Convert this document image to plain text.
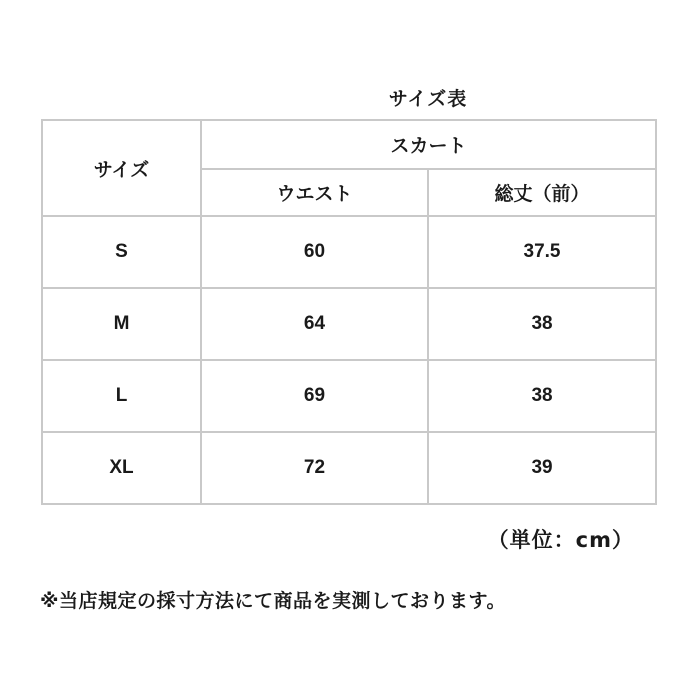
サイズ表
サイズ	スカート	
	ウエスト	総丈（前）
S	60	37.5
M	64	38
L	69	38
XL	72	39
（単位：cm）
※当店規定の採寸方法にて商品を実測しております。
